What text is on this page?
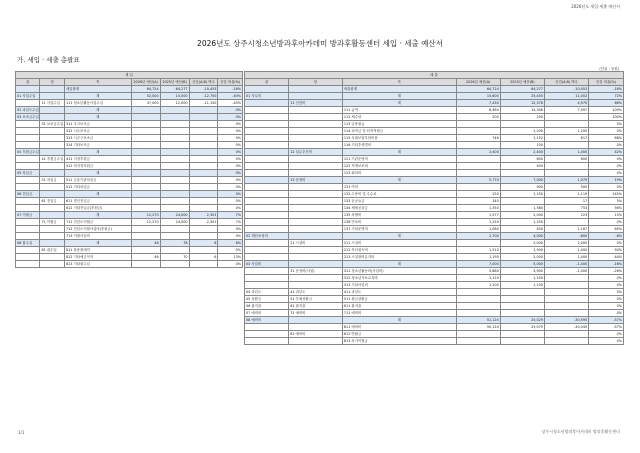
2026년도 세입·세출 예산서
2026년도 상주시청소년방과후아카데미 방과후활동센터 세입 · 세출 예산서
가. 세입 · 세출 총괄표
(단위 : 천원)
세 입						
관	항	목	2026년 예산(A)	2025년 예산(B)	증감(A-B) 액수	증감 비율(%)
		세입합계	64,724	64,277	-10,453	-16%
01 사업수입		계	52,000	15,000	-12,750	-40%
	11 사업수입	111 청소년활동사업수입	37,000	12,000	-11,150	-40%
02 과년도수입		계				0%
03 보조금수입		계				0%
	31 보조금수입	311 국고보조금				0%
		312 시도보조금				0%
		313 시군구보조금				0%
		314 기타보조금				0%
04 후원금수입		계				0%
	41 후원금수입	411 지정후원금				0%
		412 비지정후원금				0%
05 차입금		계				0%
	51 차입금	511 금융기관차입금				0%
		512 기타차입금				0%
06 전입금		계				0%
	61 전입금	611 법인전입금				0%
		612 기타전입금(후원금)				0%
07 이월금		계	12,270	24,000	2,301	7%
	71 이월금	711 전년도이월금	12,270	24,000	2,301	7%
		712 전년도이월사업비(후원금)				0%
		713 이월사업비				0%
08 잡수입		계	46	78	6	6%
	81 잡수입	811 불용품매각				0%
		812 기타예금이자	46	70	6	13%
		813 기타잡수입				0%
세 출						
관	항	목	2026년 예산(A)	2025년 예산(B)	증감(A-B) 액수	증감 비율(%)
		세출합계	64,724	64,277	-10,453	-16%
01 사무비		계	15,600	25,450	11,002	72%
	11 인건비	계	7,430	12,378	4,970	66%
		111 급여	6,484	14,346	7,097	109%
		112 제수당	200	200		100%
		113 일용잡급				0%
		114 퇴직금 및 퇴직적립금		1,200	1,200	0%
		115 사회보험부담비용	746	1,152	617	68%
		116 기타후생경비		100		0%
	12 업무추진비	계	2,400	2,400	1,000	42%
		121 기관운영비		600	600	0%
		122 직책보조비		400		0%
		123 회의비				0%
	13 운영비	계	5,770	7,000	1,079	19%
		131 여비		900	500	0%
		132 수용비 및 수수료	250	1,150	1,119	145%
		133 공공요금	140		17	5%
		134 제세공과금	1,350	1,560	753	56%
		135 차량비	1,577	2,000	223	15%
		136 연료비	1,250	1,250		0%
		137 기타운영비	1,080	400	1,167	65%
02 재산조성비		계	2,700	4,000	-600	-6%
	21 시설비	211 시설비		2,000	2,000	0%
		212 자산취득비	1,510	1,900	1,400	50%
		213 시설장비유지비	1,190	2,000	1,400	44%
03 사업비		계	7,000	5,000	-1,400	-16%
	31 운영비(사업)	311 청소년활동비(사업비)	5,880	3,900	-1,400	-26%
		312 청소년자료교육비	1,120	1,100		0%
		313 기타사업비	1,100	1,100		0%
04 과년도	41 과년도	411 과년도				0%
05 상환금	51 부채상환금	511 원금상환금				0%
06 잡지출	61 잡지출	611 잡지출				0%
07 예비비	71 예비비	711 예비비				0%
08 예비비		계	51,124	25,029	-30,595	-57%
		811 예비비	50,124	25,079	-30,045	-57%
	81 예비비	812 반환금				0%
		813 차기이월금				0%
1/1	상주시청소년방과후아카데미 방과후활동센터
